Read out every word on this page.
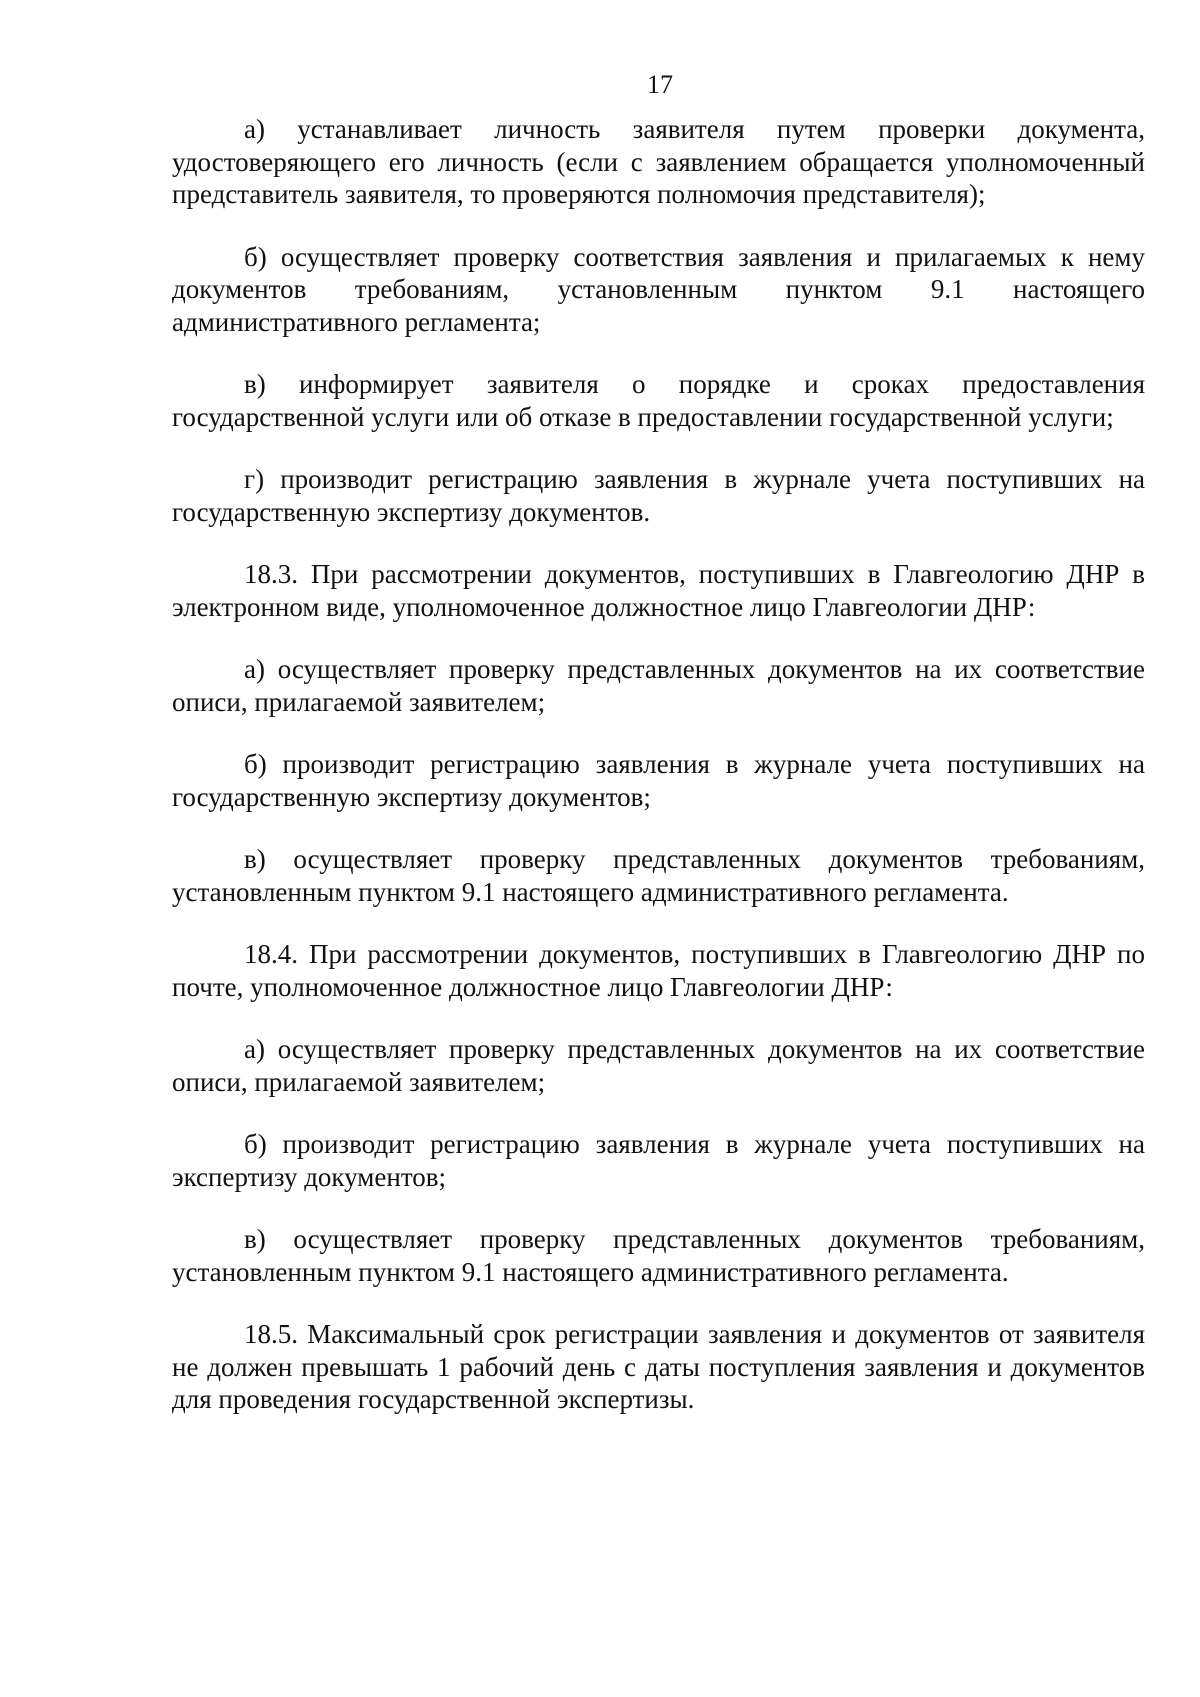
17

а) устанавливает личность заявителя путем проверки документа, удостоверяющего его личность (если с заявлением обращается уполномоченный представитель заявителя, то проверяются полномочия представителя);

б) осуществляет проверку соответствия заявления и прилагаемых к нему документов требованиям, установленным пунктом 9.1 настоящего административного регламента;

в) информирует заявителя о порядке и сроках предоставления государственной услуги или об отказе в предоставлении государственной услуги;

г) производит регистрацию заявления в журнале учета поступивших на государственную экспертизу документов.

18.3. При рассмотрении документов, поступивших в Главгеологию ДНР в электронном виде, уполномоченное должностное лицо Главгеологии ДНР:

а) осуществляет проверку представленных документов на их соответствие описи, прилагаемой заявителем;

б) производит регистрацию заявления в журнале учета поступивших на государственную экспертизу документов;

в) осуществляет проверку представленных документов требованиям, установленным пунктом 9.1 настоящего административного регламента.

18.4. При рассмотрении документов, поступивших в Главгеологию ДНР по почте, уполномоченное должностное лицо Главгеологии ДНР:

а) осуществляет проверку представленных документов на их соответствие описи, прилагаемой заявителем;

б) производит регистрацию заявления в журнале учета поступивших на экспертизу документов;

в) осуществляет проверку представленных документов требованиям, установленным пунктом 9.1 настоящего административного регламента.

18.5. Максимальный срок регистрации заявления и документов от заявителя не должен превышать 1 рабочий день с даты поступления заявления и документов для проведения государственной экспертизы.
